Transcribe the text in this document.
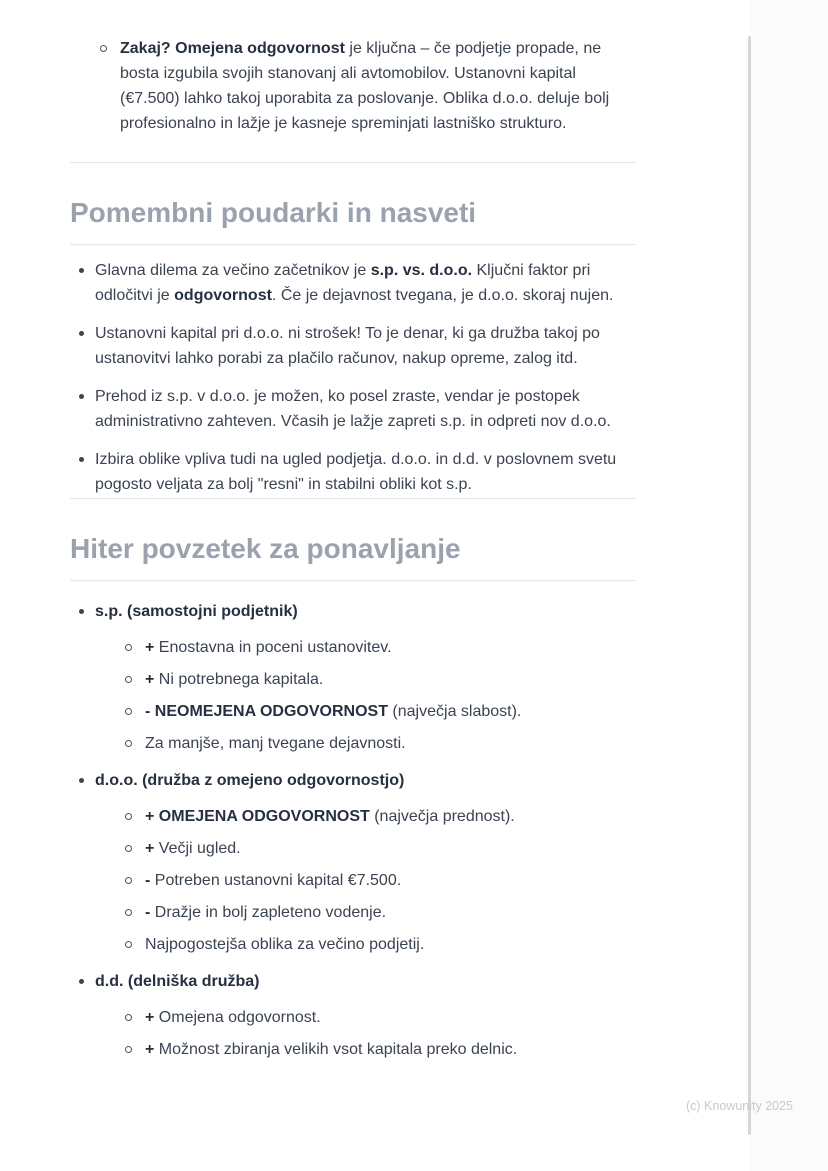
Zakaj? Omejena odgovornost je ključna – če podjetje propade, ne bosta izgubila svojih stanovanj ali avtomobilov. Ustanovni kapital (€7.500) lahko takoj uporabita za poslovanje. Oblika d.o.o. deluje bolj profesionalno in lažje je kasneje spreminjati lastniško strukturo.
Pomembni poudarki in nasveti
Glavna dilema za večino začetnikov je s.p. vs. d.o.o. Ključni faktor pri odločitvi je odgovornost. Če je dejavnost tvegana, je d.o.o. skoraj nujen.
Ustanovni kapital pri d.o.o. ni strošek! To je denar, ki ga družba takoj po ustanovitvi lahko porabi za plačilo računov, nakup opreme, zalog itd.
Prehod iz s.p. v d.o.o. je možen, ko posel zraste, vendar je postopek administrativno zahteven. Včasih je lažje zapreti s.p. in odpreti nov d.o.o.
Izbira oblike vpliva tudi na ugled podjetja. d.o.o. in d.d. v poslovnem svetu pogosto veljata za bolj "resni" in stabilni obliki kot s.p.
Hiter povzetek za ponavljanje
s.p. (samostojni podjetnik)
+ Enostavna in poceni ustanovitev.
+ Ni potrebnega kapitala.
- NEOMEJENA ODGOVORNOST (največja slabost).
Za manjše, manj tvegane dejavnosti.
d.o.o. (družba z omejeno odgovornostjo)
+ OMEJENA ODGOVORNOST (največja prednost).
+ Večji ugled.
- Potreben ustanovni kapital €7.500.
- Dražje in bolj zapleteno vodenje.
Najpogostejša oblika za večino podjetij.
d.d. (delniška družba)
+ Omejena odgovornost.
+ Možnost zbiranja velikih vsot kapitala preko delnic.
(c) Knowunity 2025
